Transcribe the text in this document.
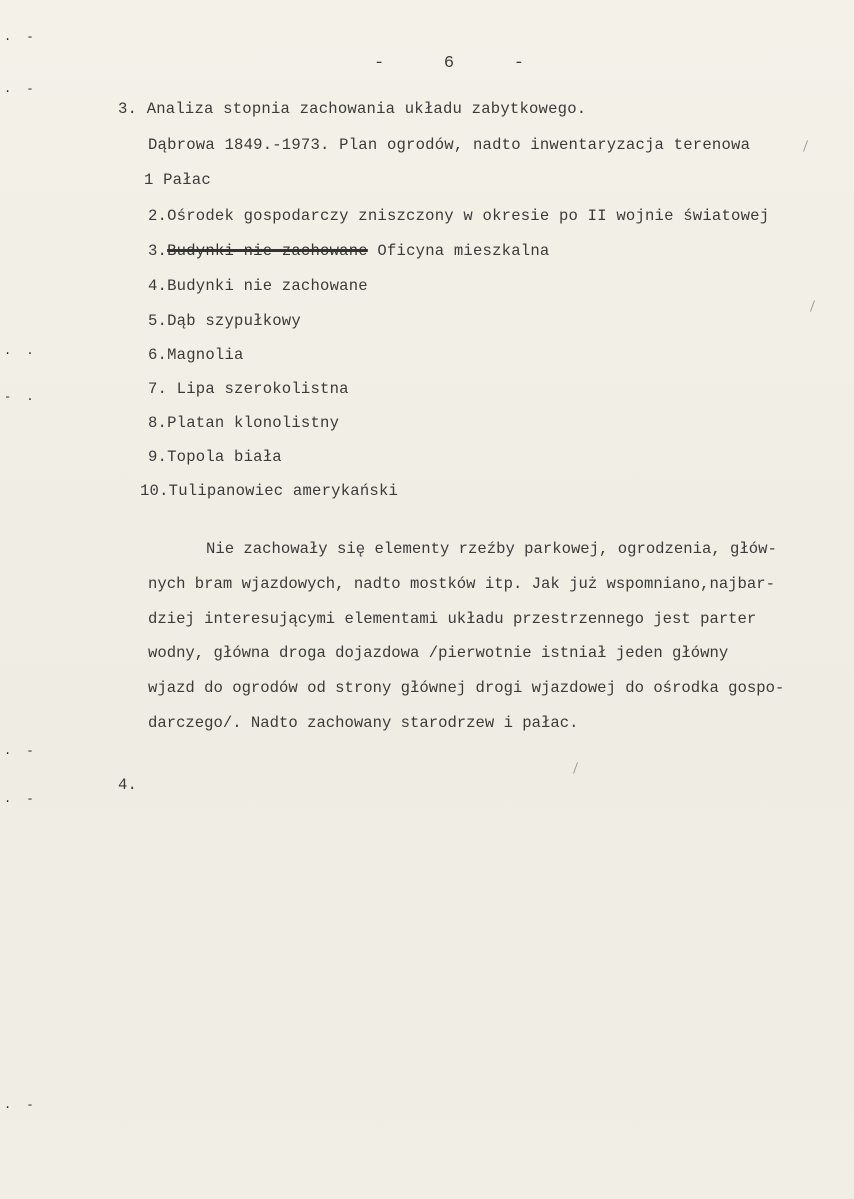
. -
. -
. .
- .
. -
. -
. -
-	6	-
3. Analiza stopnia zachowania układu zabytkowego.
Dąbrowa 1849.-1973. Plan ogrodów, nadto inwentaryzacja terenowa
1 Pałac
2.Ośrodek gospodarczy zniszczony w okresie po II wojnie światowej
3.Budynki nie zachowane Oficyna mieszkalna
4.Budynki nie zachowane
5.Dąb szypułkowy
6.Magnolia
7. Lipa szerokolistna
8.Platan klonolistny
9.Topola biała
10.Tulipanowiec amerykański
Nie zachowały się elementy rzeźby parkowej, ogrodzenia, głów-
nych bram wjazdowych, nadto mostków itp. Jak już wspomniano,najbar-
dziej interesującymi elementami układu przestrzennego jest parter
wodny, główna droga dojazdowa /pierwotnie istniał jeden główny
wjazd do ogrodów od strony głównej drogi wjazdowej do ośrodka gospo-
darczego/. Nadto zachowany starodrzew i pałac.
4.
